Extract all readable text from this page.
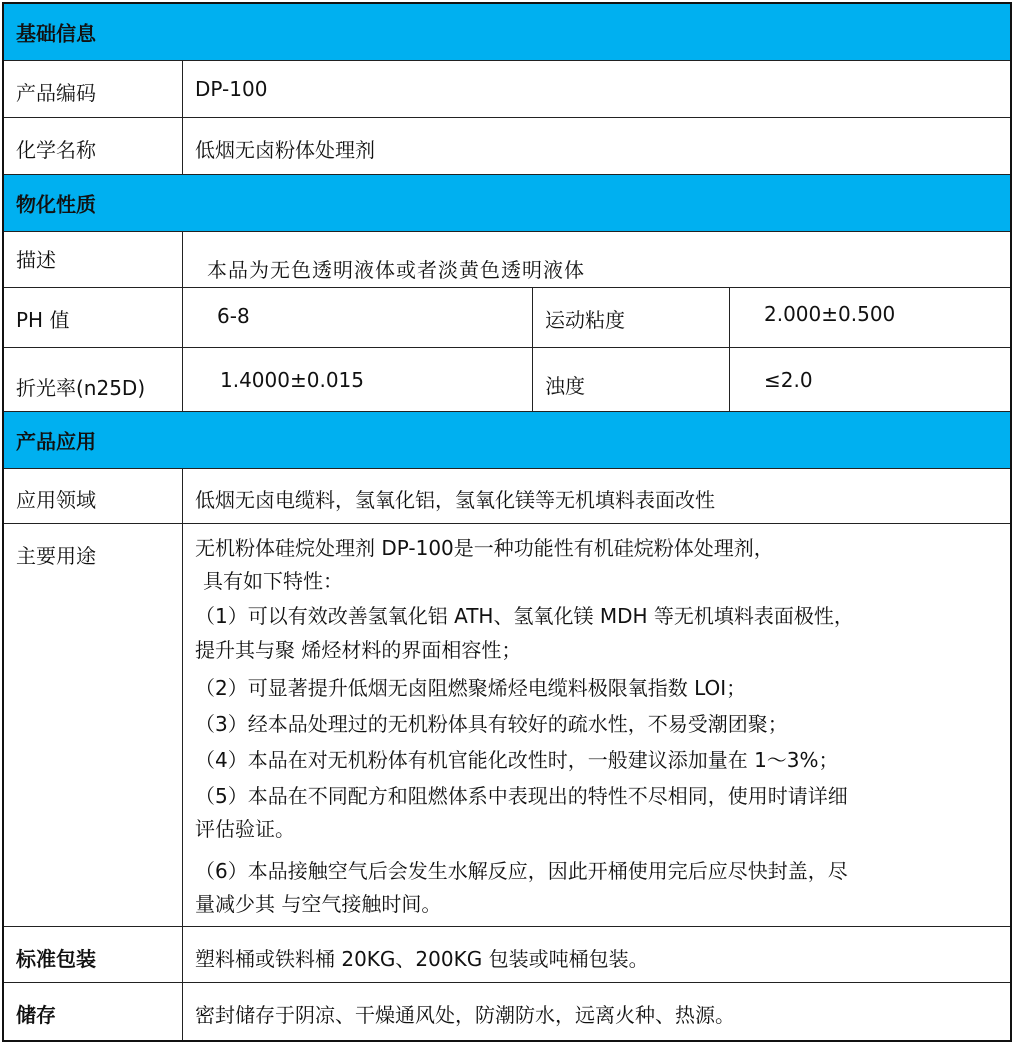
基础信息
产品编码	DP-100
化学名称	低烟无卤粉体处理剂
物化性质
描述	本品为无色透明液体或者淡黄色透明液体
PH 值	6-8	运动粘度	2.000±0.500
折光率(n25D)	1.4000±0.015	浊度	≤2.0
产品应用
应用领域	低烟无卤电缆料，氢氧化铝，氢氧化镁等无机填料表面改性
主要用途	无机粉体硅烷处理剂 DP-100是一种功能性有机硅烷粉体处理剂，
具有如下特性：
（1）可以有效改善氢氧化铝 ATH、氢氧化镁 MDH 等无机填料表面极性，
提升其与聚 烯烃材料的界面相容性；
（2）可显著提升低烟无卤阻燃聚烯烃电缆料极限氧指数 LOI；
（3）经本品处理过的无机粉体具有较好的疏水性，不易受潮团聚；
（4）本品在对无机粉体有机官能化改性时，一般建议添加量在 1～3%；
（5）本品在不同配方和阻燃体系中表现出的特性不尽相同，使用时请详细
评估验证。
（6）本品接触空气后会发生水解反应，因此开桶使用完后应尽快封盖，尽
量减少其 与空气接触时间。
标准包装	塑料桶或铁料桶 20KG、200KG 包装或吨桶包装。
储存	密封储存于阴凉、干燥通风处，防潮防水，远离火种、热源。
